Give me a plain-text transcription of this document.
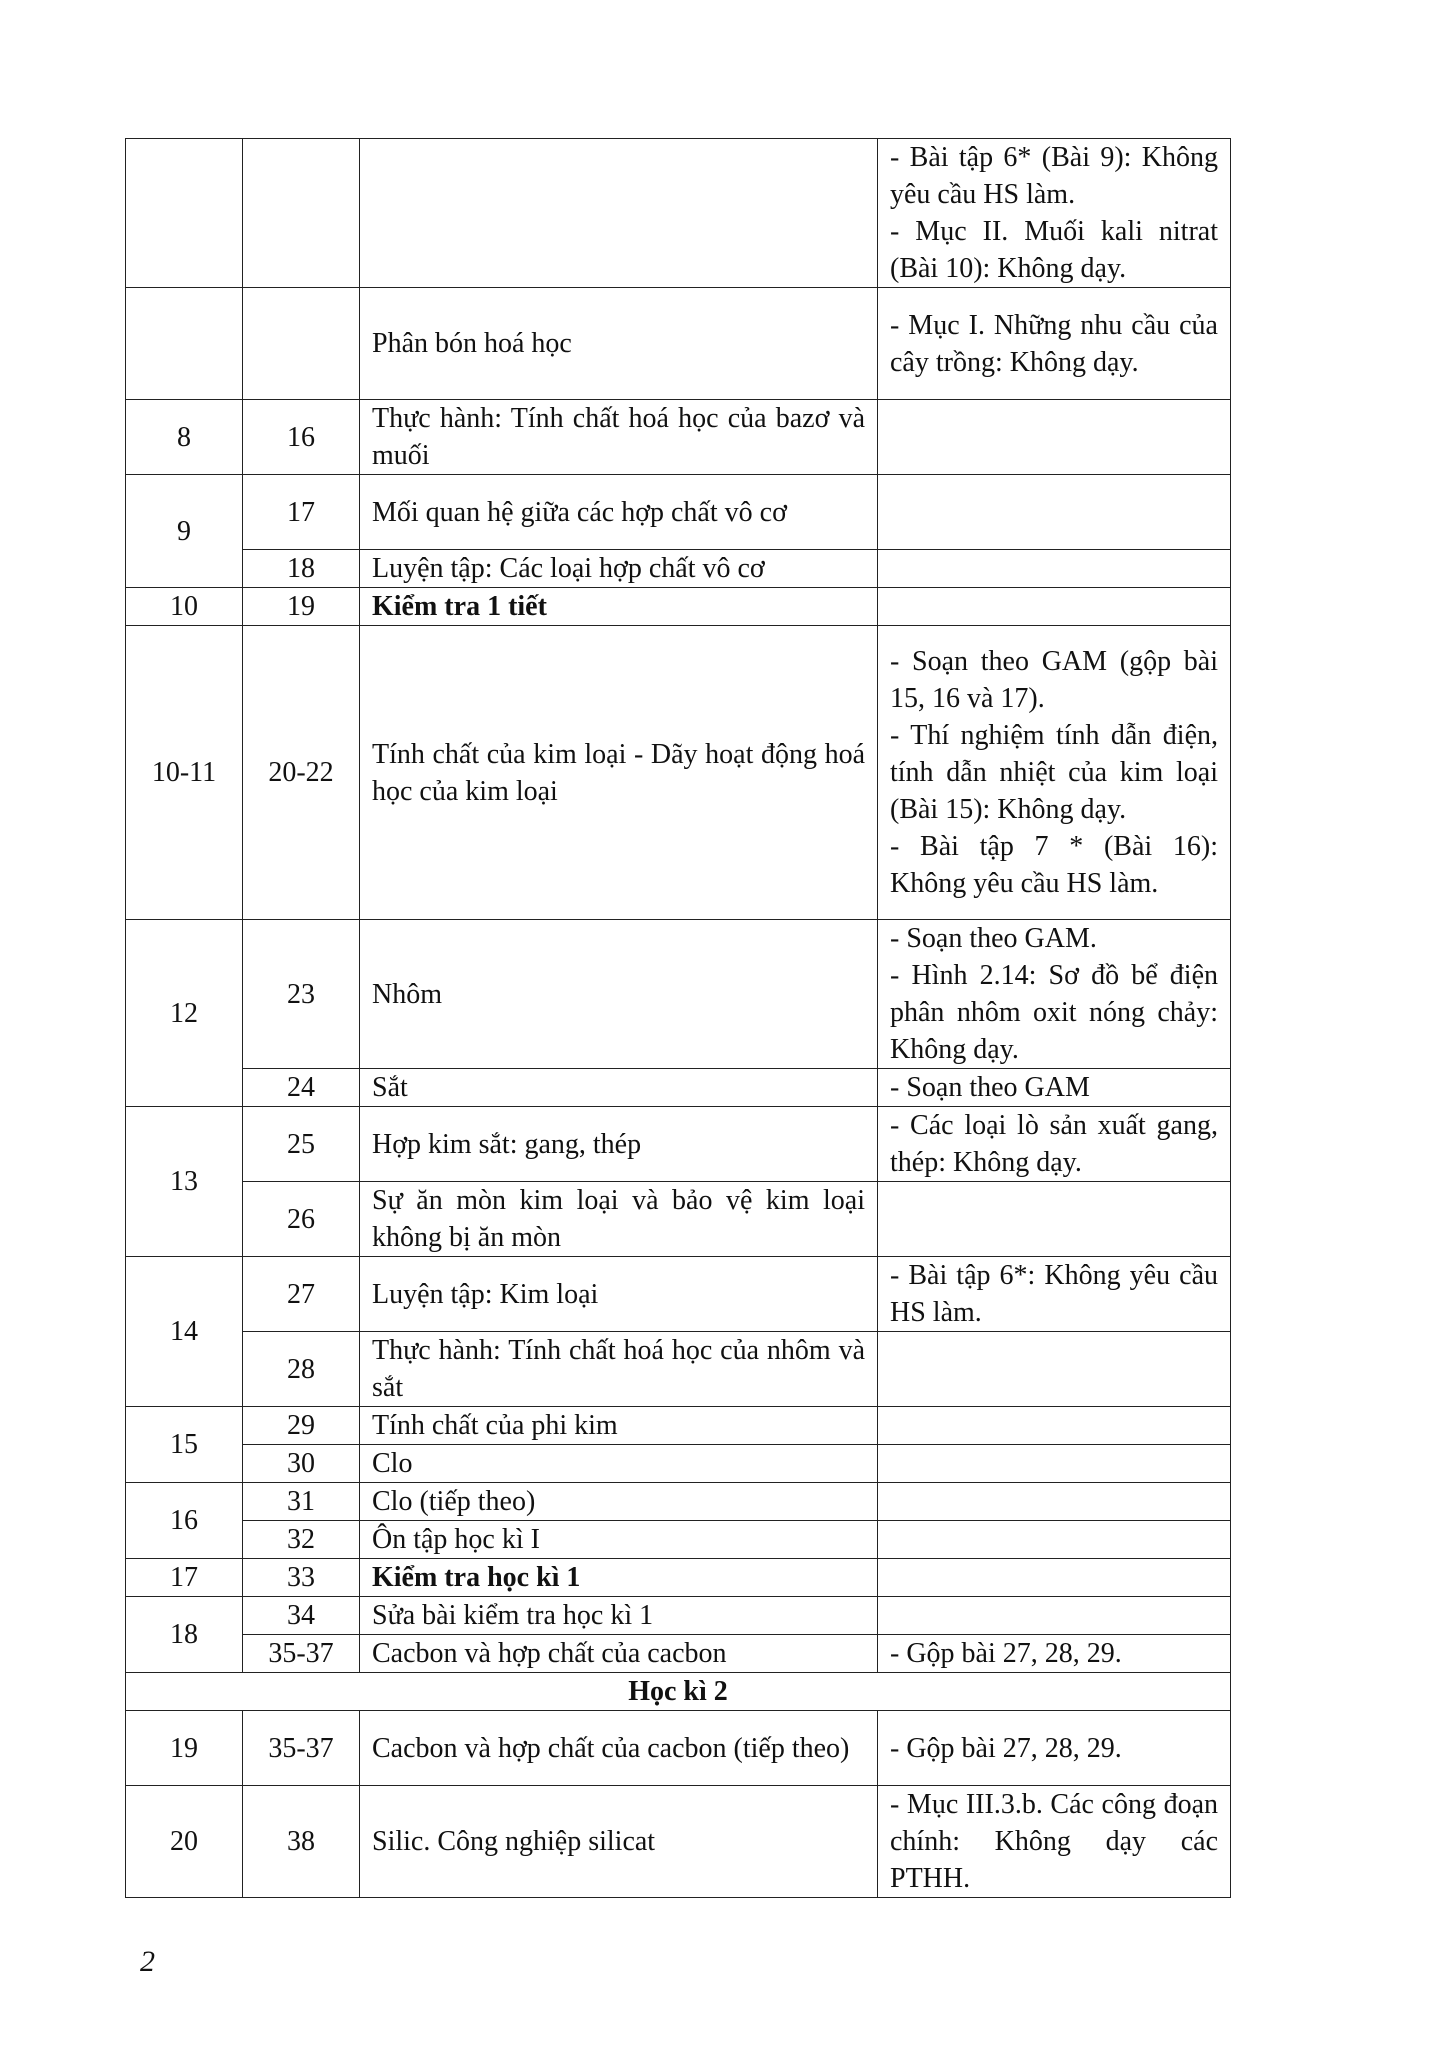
			- Bài tập 6* (Bài 9): Không yêu cầu HS làm.
- Mục II. Muối kali nitrat (Bài 10): Không dạy.

		Phân bón hoá học	- Mục I. Những nhu cầu của cây trồng: Không dạy.

8	16	Thực hành: Tính chất hoá học của bazơ và muối	
9	17	Mối quan hệ giữa các hợp chất vô cơ	
	18	Luyện tập: Các loại hợp chất vô cơ	
10	19	Kiểm tra 1 tiết	
10-11	20-22	Tính chất của kim loại - Dãy hoạt động hoá học của kim loại	- Soạn theo GAM (gộp bài 15, 16 và 17).
- Thí nghiệm tính dẫn điện, tính dẫn nhiệt của kim loại (Bài 15): Không dạy.
- Bài tập 7 * (Bài 16): Không yêu cầu HS làm.

12	23	Nhôm	- Soạn theo GAM.
- Hình 2.14: Sơ đồ bể điện phân nhôm oxit nóng chảy: Không dạy.

	24	Sắt	- Soạn theo GAM

13	25	Hợp kim sắt: gang, thép	- Các loại lò sản xuất gang, thép: Không dạy.

	26	Sự ăn mòn kim loại và bảo vệ kim loại không bị ăn mòn	
14	27	Luyện tập: Kim loại	- Bài tập 6*: Không yêu cầu HS làm.

	28	Thực hành: Tính chất hoá học của nhôm và sắt	
15	29	Tính chất của phi kim	
	30	Clo	
16	31	Clo (tiếp theo)	
	32	Ôn tập học kì I	
17	33	Kiểm tra học kì 1	
18	34	Sửa bài kiểm tra học kì 1	
	35-37	Cacbon và hợp chất của cacbon	- Gộp bài 27, 28, 29.

Học kì 2			
19	35-37	Cacbon và hợp chất của cacbon (tiếp theo)	- Gộp bài 27, 28, 29.

20	38	Silic. Công nghiệp silicat	- Mục III.3.b. Các công đoạn chính: Không dạy các PTHH.
2
